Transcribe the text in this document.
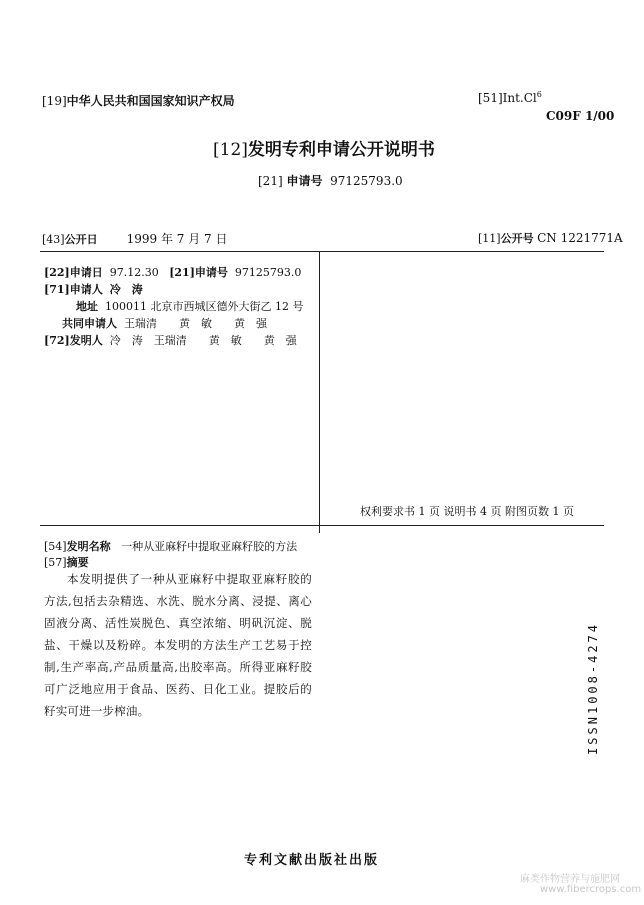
[19]中华人民共和国国家知识产权局	[51]Int.Cl$^6$
C09F 1/00
[12]发明专利申请公开说明书
[21] 申请号 97125793.0
[43]公开日 1999 年 7 月 7 日	[11]公开号 CN 1221771A
[22]申请日 97.12.30 [21]申请号 97125793.0
[71]申请人 冷　涛
地址 100011 北京市西城区德外大街乙 12 号
共同申请人 王瑞清　　黄　敏　　黄　强
[72]发明人 冷　涛　王瑞清　　黄　敏　　黄　强
权利要求书 1 页 说明书 4 页 附图页数 1 页
[54]发明名称 一种从亚麻籽中提取亚麻籽胶的方法
[57]摘要
本发明提供了一种从亚麻籽中提取亚麻籽胶的方法,包括去杂精选、水洗、脱水分离、浸提、离心固液分离、活性炭脱色、真空浓缩、明矾沉淀、脱盐、干燥以及粉碎。本发明的方法生产工艺易于控制,生产率高,产品质量高,出胶率高。所得亚麻籽胶可广泛地应用于食品、医药、日化工业。提胶后的籽实可进一步榨油。	ISSN1008-4274
专利文献出版社出版
麻类作物营养与施肥网
www.fibercrops.com
